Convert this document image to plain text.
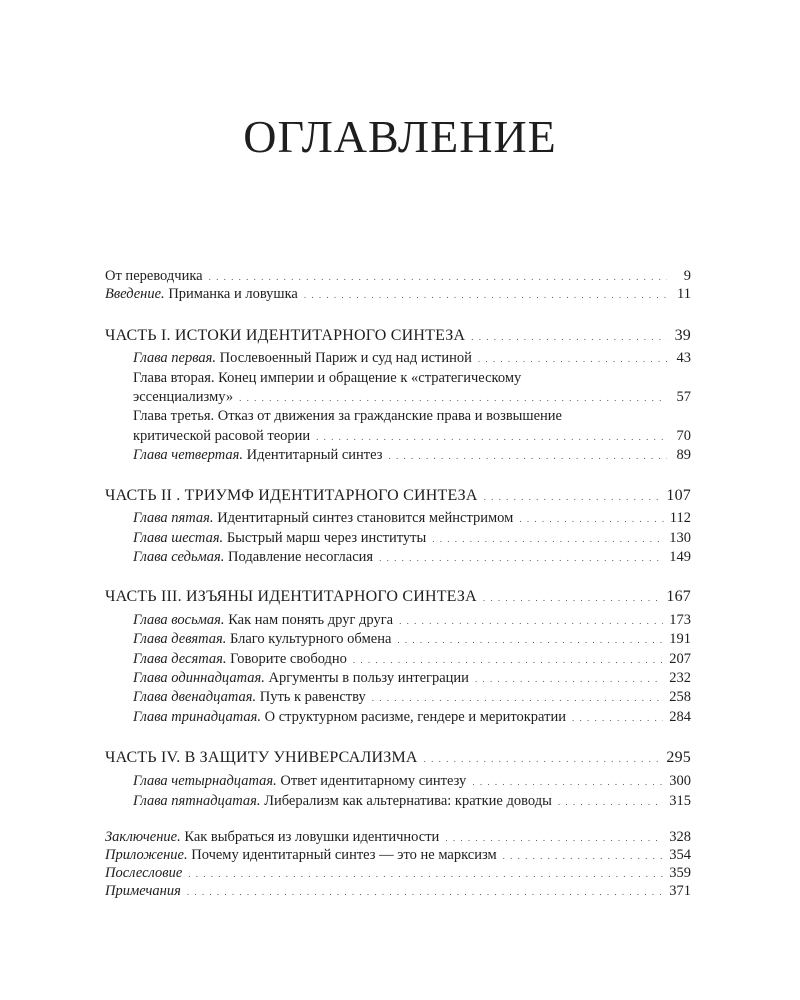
ОГЛАВЛЕНИЕ
От переводчика . . .	9
Введение. Приманка и ловушка . . .	11
ЧАСТЬ I. ИСТОКИ ИДЕНТИТАРНОГО СИНТЕЗА . . .	39
Глава первая. Послевоенный Париж и суд над истиной . . .	43
Глава вторая. Конец империи и обращение к «стратегическому
эссенциализму» . . .	57
Глава третья. Отказ от движения за гражданские права и возвышение
критической расовой теории . . .	70
Глава четвертая. Идентитарный синтез . . .	89
ЧАСТЬ II . ТРИУМФ ИДЕНТИТАРНОГО СИНТЕЗА . . .	107
Глава пятая. Идентитарный синтез становится мейнстримом . . .	112
Глава шестая. Быстрый марш через институты . . .	130
Глава седьмая. Подавление несогласия . . .	149
ЧАСТЬ III. ИЗЪЯНЫ ИДЕНТИТАРНОГО СИНТЕЗА . . .	167
Глава восьмая. Как нам понять друг друга . . .	173
Глава девятая. Благо культурного обмена . . .	191
Глава десятая. Говорите свободно . . .	207
Глава одиннадцатая. Аргументы в пользу интеграции . . .	232
Глава двенадцатая. Путь к равенству . . .	258
Глава тринадцатая. О структурном расизме, гендере и меритократии . . .	284
ЧАСТЬ IV. В ЗАЩИТУ УНИВЕРСАЛИЗМА . . .	295
Глава четырнадцатая. Ответ идентитарному синтезу . . .	300
Глава пятнадцатая. Либерализм как альтернатива: краткие доводы . . .	315
Заключение. Как выбраться из ловушки идентичности . . .	328
Приложение. Почему идентитарный синтез — это не марксизм . . .	354
Послесловие . . .	359
Примечания . . .	371
